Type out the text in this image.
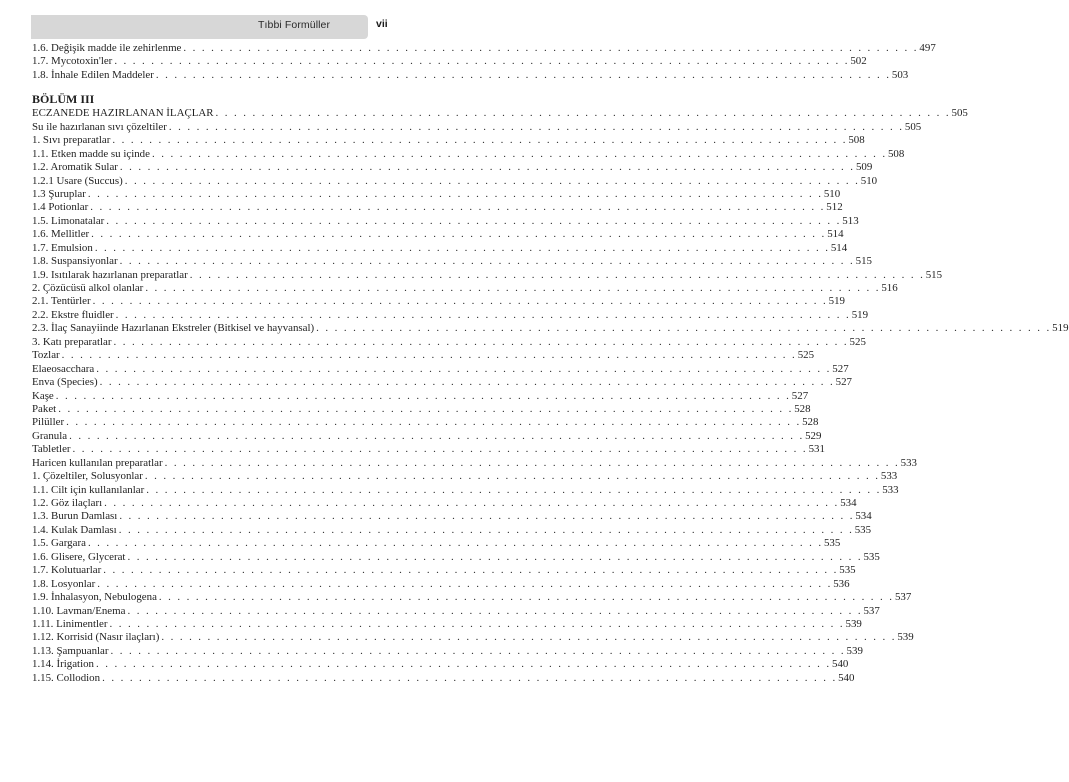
Tıbbi Formüller	vii
1.6. Değişik madde ile zehirlenme . . . . . . . . . . . . . . . . . . . . . . . . . . . . . . . . . . . . . . . . . . . . . . . . . . . . . . . . . . . . . . . . . . . . . . . . . . . . . . . . 497
1.7. Mycotoxin'ler . . . . . . . . . . . . . . . . . . . . . . . . . . . . . . . . . . . . . . . . . . . . . . . . . . . . . . . . . . . . . . . . . . . . . . . . . . . . . . . . 502
1.8. İnhale Edilen Maddeler . . . . . . . . . . . . . . . . . . . . . . . . . . . . . . . . . . . . . . . . . . . . . . . . . . . . . . . . . . . . . . . . . . . . . . . . . . . . . . . . 503
BÖLÜM III
ECZANEDE HAZIRLANAN İLAÇLAR . . . . . . . . . . . . . . . . . . . . . . . . . . . . . . . . . . . . . . . . . . . . . . . . . . . . . . . . . . . . . . . . . . . . . . . . . . . . . . . . 505
Su ile hazırlanan sıvı çözeltiler . . . . . . . . . . . . . . . . . . . . . . . . . . . . . . . . . . . . . . . . . . . . . . . . . . . . . . . . . . . . . . . . . . . . . . . . . . . . . . . . 505
1. Sıvı preparatlar . . . . . . . . . . . . . . . . . . . . . . . . . . . . . . . . . . . . . . . . . . . . . . . . . . . . . . . . . . . . . . . . . . . . . . . . . . . . . . . . 508
1.1. Etken madde su içinde . . . . . . . . . . . . . . . . . . . . . . . . . . . . . . . . . . . . . . . . . . . . . . . . . . . . . . . . . . . . . . . . . . . . . . . . . . . . . . . . 508
1.2. Aromatik Sular . . . . . . . . . . . . . . . . . . . . . . . . . . . . . . . . . . . . . . . . . . . . . . . . . . . . . . . . . . . . . . . . . . . . . . . . . . . . . . . . 509
1.2.1 Usare (Succus) . . . . . . . . . . . . . . . . . . . . . . . . . . . . . . . . . . . . . . . . . . . . . . . . . . . . . . . . . . . . . . . . . . . . . . . . . . . . . . . . 510
1.3 Şuruplar . . . . . . . . . . . . . . . . . . . . . . . . . . . . . . . . . . . . . . . . . . . . . . . . . . . . . . . . . . . . . . . . . . . . . . . . . . . . . . . . 510
1.4 Potionlar . . . . . . . . . . . . . . . . . . . . . . . . . . . . . . . . . . . . . . . . . . . . . . . . . . . . . . . . . . . . . . . . . . . . . . . . . . . . . . . . 512
1.5. Limonatalar . . . . . . . . . . . . . . . . . . . . . . . . . . . . . . . . . . . . . . . . . . . . . . . . . . . . . . . . . . . . . . . . . . . . . . . . . . . . . . . . 513
1.6. Mellitler . . . . . . . . . . . . . . . . . . . . . . . . . . . . . . . . . . . . . . . . . . . . . . . . . . . . . . . . . . . . . . . . . . . . . . . . . . . . . . . . 514
1.7. Emulsion . . . . . . . . . . . . . . . . . . . . . . . . . . . . . . . . . . . . . . . . . . . . . . . . . . . . . . . . . . . . . . . . . . . . . . . . . . . . . . . . 514
1.8. Suspansiyonlar . . . . . . . . . . . . . . . . . . . . . . . . . . . . . . . . . . . . . . . . . . . . . . . . . . . . . . . . . . . . . . . . . . . . . . . . . . . . . . . . 515
1.9. Isıtılarak hazırlanan preparatlar . . . . . . . . . . . . . . . . . . . . . . . . . . . . . . . . . . . . . . . . . . . . . . . . . . . . . . . . . . . . . . . . . . . . . . . . . . . . . . . . 515
2. Çözücüsü alkol olanlar . . . . . . . . . . . . . . . . . . . . . . . . . . . . . . . . . . . . . . . . . . . . . . . . . . . . . . . . . . . . . . . . . . . . . . . . . . . . . . . . 516
2.1. Tentürler . . . . . . . . . . . . . . . . . . . . . . . . . . . . . . . . . . . . . . . . . . . . . . . . . . . . . . . . . . . . . . . . . . . . . . . . . . . . . . . . 519
2.2. Ekstre fluidler . . . . . . . . . . . . . . . . . . . . . . . . . . . . . . . . . . . . . . . . . . . . . . . . . . . . . . . . . . . . . . . . . . . . . . . . . . . . . . . . 519
2.3. İlaç Sanayiinde Hazırlanan Ekstreler (Bitkisel ve hayvansal) . . . . . . . . . . . . . . . . . . . . . . . . . . . . . . . . . . . . . . . . . . . . . . . . . . . . . . . . . . . . . . . . . . . . . . . . . . . . . . . . 519
3. Katı preparatlar . . . . . . . . . . . . . . . . . . . . . . . . . . . . . . . . . . . . . . . . . . . . . . . . . . . . . . . . . . . . . . . . . . . . . . . . . . . . . . . . 525
Tozlar . . . . . . . . . . . . . . . . . . . . . . . . . . . . . . . . . . . . . . . . . . . . . . . . . . . . . . . . . . . . . . . . . . . . . . . . . . . . . . . . 525
Elaeosaccharа . . . . . . . . . . . . . . . . . . . . . . . . . . . . . . . . . . . . . . . . . . . . . . . . . . . . . . . . . . . . . . . . . . . . . . . . . . . . . . . . 527
Enva (Species) . . . . . . . . . . . . . . . . . . . . . . . . . . . . . . . . . . . . . . . . . . . . . . . . . . . . . . . . . . . . . . . . . . . . . . . . . . . . . . . . 527
Kaşe . . . . . . . . . . . . . . . . . . . . . . . . . . . . . . . . . . . . . . . . . . . . . . . . . . . . . . . . . . . . . . . . . . . . . . . . . . . . . . . . 527
Paket . . . . . . . . . . . . . . . . . . . . . . . . . . . . . . . . . . . . . . . . . . . . . . . . . . . . . . . . . . . . . . . . . . . . . . . . . . . . . . . . 528
Pilüller . . . . . . . . . . . . . . . . . . . . . . . . . . . . . . . . . . . . . . . . . . . . . . . . . . . . . . . . . . . . . . . . . . . . . . . . . . . . . . . . 528
Granula . . . . . . . . . . . . . . . . . . . . . . . . . . . . . . . . . . . . . . . . . . . . . . . . . . . . . . . . . . . . . . . . . . . . . . . . . . . . . . . . 529
Tabletler . . . . . . . . . . . . . . . . . . . . . . . . . . . . . . . . . . . . . . . . . . . . . . . . . . . . . . . . . . . . . . . . . . . . . . . . . . . . . . . . 531
Haricen kullanılan preparatlar . . . . . . . . . . . . . . . . . . . . . . . . . . . . . . . . . . . . . . . . . . . . . . . . . . . . . . . . . . . . . . . . . . . . . . . . . . . . . . . . 533
1. Çözeltiler, Solusyonlar . . . . . . . . . . . . . . . . . . . . . . . . . . . . . . . . . . . . . . . . . . . . . . . . . . . . . . . . . . . . . . . . . . . . . . . . . . . . . . . . 533
1.1. Cilt için kullanılanlar . . . . . . . . . . . . . . . . . . . . . . . . . . . . . . . . . . . . . . . . . . . . . . . . . . . . . . . . . . . . . . . . . . . . . . . . . . . . . . . . 533
1.2. Göz ilaçları . . . . . . . . . . . . . . . . . . . . . . . . . . . . . . . . . . . . . . . . . . . . . . . . . . . . . . . . . . . . . . . . . . . . . . . . . . . . . . . . 534
1.3. Burun Damlası . . . . . . . . . . . . . . . . . . . . . . . . . . . . . . . . . . . . . . . . . . . . . . . . . . . . . . . . . . . . . . . . . . . . . . . . . . . . . . . . 534
1.4. Kulak Damlası . . . . . . . . . . . . . . . . . . . . . . . . . . . . . . . . . . . . . . . . . . . . . . . . . . . . . . . . . . . . . . . . . . . . . . . . . . . . . . . . 535
1.5. Gargara . . . . . . . . . . . . . . . . . . . . . . . . . . . . . . . . . . . . . . . . . . . . . . . . . . . . . . . . . . . . . . . . . . . . . . . . . . . . . . . . 535
1.6. Glisere, Glycerat . . . . . . . . . . . . . . . . . . . . . . . . . . . . . . . . . . . . . . . . . . . . . . . . . . . . . . . . . . . . . . . . . . . . . . . . . . . . . . . . 535
1.7. Kolutuarlar . . . . . . . . . . . . . . . . . . . . . . . . . . . . . . . . . . . . . . . . . . . . . . . . . . . . . . . . . . . . . . . . . . . . . . . . . . . . . . . . 535
1.8. Losyonlar . . . . . . . . . . . . . . . . . . . . . . . . . . . . . . . . . . . . . . . . . . . . . . . . . . . . . . . . . . . . . . . . . . . . . . . . . . . . . . . . 536
1.9. İnhalasyon, Nebulogena . . . . . . . . . . . . . . . . . . . . . . . . . . . . . . . . . . . . . . . . . . . . . . . . . . . . . . . . . . . . . . . . . . . . . . . . . . . . . . . . 537
1.10. Lavman/Enema . . . . . . . . . . . . . . . . . . . . . . . . . . . . . . . . . . . . . . . . . . . . . . . . . . . . . . . . . . . . . . . . . . . . . . . . . . . . . . . . 537
1.11. Linimentler . . . . . . . . . . . . . . . . . . . . . . . . . . . . . . . . . . . . . . . . . . . . . . . . . . . . . . . . . . . . . . . . . . . . . . . . . . . . . . . . 539
1.12. Korrisid (Nasır ilaçları) . . . . . . . . . . . . . . . . . . . . . . . . . . . . . . . . . . . . . . . . . . . . . . . . . . . . . . . . . . . . . . . . . . . . . . . . . . . . . . . . 539
1.13. Şampuanlar . . . . . . . . . . . . . . . . . . . . . . . . . . . . . . . . . . . . . . . . . . . . . . . . . . . . . . . . . . . . . . . . . . . . . . . . . . . . . . . . 539
1.14. İrigation . . . . . . . . . . . . . . . . . . . . . . . . . . . . . . . . . . . . . . . . . . . . . . . . . . . . . . . . . . . . . . . . . . . . . . . . . . . . . . . . 540
1.15. Collodion . . . . . . . . . . . . . . . . . . . . . . . . . . . . . . . . . . . . . . . . . . . . . . . . . . . . . . . . . . . . . . . . . . . . . . . . . . . . . . . . 540
